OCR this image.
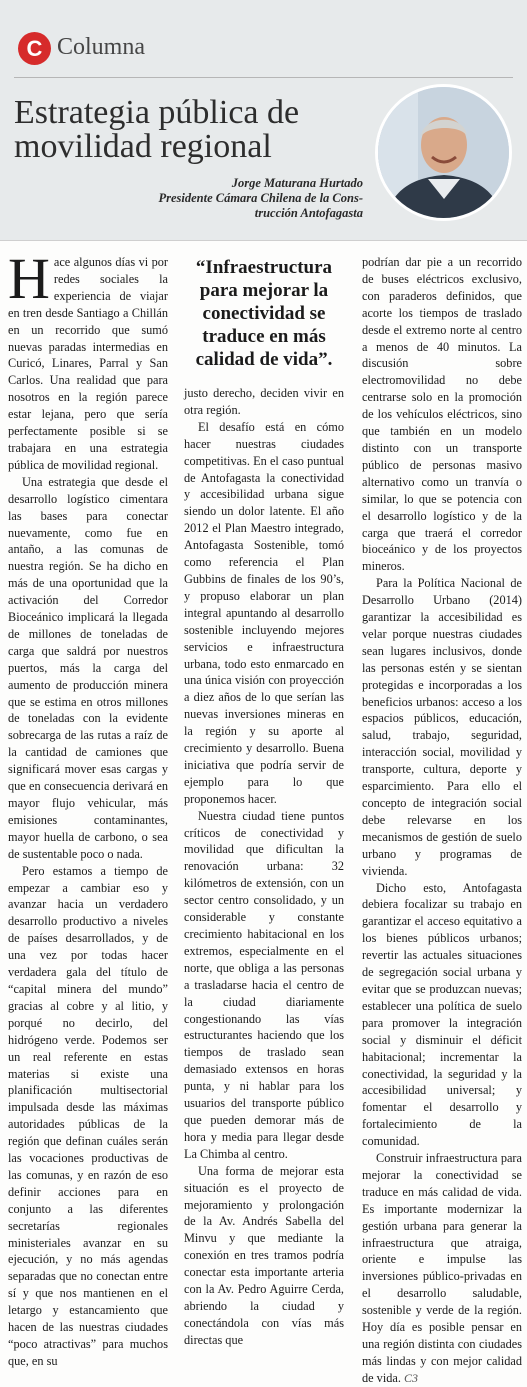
C Columna
Estrategia pública de movilidad regional
Jorge Maturana Hurtado
Presidente Cámara Chilena de la Cons-
trucción Antofagasta

Hace algunos días vi por redes sociales la experiencia de viajar en tren desde Santiago a Chillán en un recorrido que sumó nuevas paradas intermedias en Curicó, Linares, Parral y San Carlos. Una realidad que para nosotros en la región parece estar lejana, pero que sería perfectamente posible si se trabajara en una estrategia pública de movilidad regional.

Una estrategia que desde el desarrollo logístico cimentara las bases para conectar nuevamente, como fue en antaño, a las comunas de nuestra región. Se ha dicho en más de una oportunidad que la activación del Corredor Bioceánico implicará la llegada de millones de toneladas de carga que saldrá por nuestros puertos, más la carga del aumento de producción minera que se estima en otros millones de toneladas con la evidente sobrecarga de las rutas a raíz de la cantidad de camiones que significará mover esas cargas y que en consecuencia derivará en mayor flujo vehicular, más emisiones contaminantes, mayor huella de carbono, o sea de sustentable poco o nada.

Pero estamos a tiempo de empezar a cambiar eso y avanzar hacia un verdadero desarrollo productivo a niveles de países desarrollados, y de una vez por todas hacer verdadera gala del título de “capital minera del mundo” gracias al cobre y al litio, y porqué no decirlo, del hidrógeno verde. Podemos ser un real referente en estas materias si existe una planificación multisectorial impulsada desde las máximas autoridades públicas de la región que definan cuáles serán las vocaciones productivas de las comunas, y en razón de eso definir acciones para en conjunto a las diferentes secretarías regionales ministeriales avanzar en su ejecución, y no más agendas separadas que no conectan entre sí y que nos mantienen en el letargo y estancamiento que hacen de las nuestras ciudades “poco atractivas” para muchos que, en su

“Infraestructura para mejorar la conectividad se traduce en más calidad de vida”.

justo derecho, deciden vivir en otra región.

El desafío está en cómo hacer nuestras ciudades competitivas. En el caso puntual de Antofagasta la conectividad y accesibilidad urbana sigue siendo un dolor latente. El año 2012 el Plan Maestro integrado, Antofagasta Sostenible, tomó como referencia el Plan Gubbins de finales de los 90’s, y propuso elaborar un plan integral apuntando al desarrollo sostenible incluyendo mejores servicios e infraestructura urbana, todo esto enmarcado en una única visión con proyección a diez años de lo que serían las nuevas inversiones mineras en la región y su aporte al crecimiento y desarrollo. Buena iniciativa que podría servir de ejemplo para lo que proponemos hacer.

Nuestra ciudad tiene puntos críticos de conectividad y movilidad que dificultan la renovación urbana: 32 kilómetros de extensión, con un sector centro consolidado, y un considerable y constante crecimiento habitacional en los extremos, especialmente en el norte, que obliga a las personas a trasladarse hacia el centro de la ciudad diariamente congestionando las vías estructurantes haciendo que los tiempos de traslado sean demasiado extensos en horas punta, y ni hablar para los usuarios del transporte público que pueden demorar más de hora y media para llegar desde La Chimba al centro.

Una forma de mejorar esta situación es el proyecto de mejoramiento y prolongación de la Av. Andrés Sabella del Minvu y que mediante la conexión en tres tramos podría conectar esta importante arteria con la Av. Pedro Aguirre Cerda, abriendo la ciudad y conectándola con vías más directas que

podrían dar pie a un recorrido de buses eléctricos exclusivo, con paraderos definidos, que acorte los tiempos de traslado desde el extremo norte al centro a menos de 40 minutos. La discusión sobre electromovilidad no debe centrarse solo en la promoción de los vehículos eléctricos, sino que también en un modelo distinto con un transporte público de personas masivo alternativo como un tranvía o similar, lo que se potencia con el desarrollo logístico y de la carga que traerá el corredor bioceánico y de los proyectos mineros.

Para la Política Nacional de Desarrollo Urbano (2014) garantizar la accesibilidad es velar porque nuestras ciudades sean lugares inclusivos, donde las personas estén y se sientan protegidas e incorporadas a los beneficios urbanos: acceso a los espacios públicos, educación, salud, trabajo, seguridad, interacción social, movilidad y transporte, cultura, deporte y esparcimiento. Para ello el concepto de integración social debe relevarse en los mecanismos de gestión de suelo urbano y programas de vivienda.

Dicho esto, Antofagasta debiera focalizar su trabajo en garantizar el acceso equitativo a los bienes públicos urbanos; revertir las actuales situaciones de segregación social urbana y evitar que se produzcan nuevas; establecer una política de suelo para promover la integración social y disminuir el déficit habitacional; incrementar la conectividad, la seguridad y la accesibilidad universal; y fomentar el desarrollo y fortalecimiento de la comunidad.

Construir infraestructura para mejorar la conectividad se traduce en más calidad de vida. Es importante modernizar la gestión urbana para generar la infraestructura que atraiga, oriente e impulse las inversiones público-privadas en el desarrollo saludable, sostenible y verde de la región. Hoy día es posible pensar en una región distinta con ciudades más lindas y con mejor calidad de vida. C3
